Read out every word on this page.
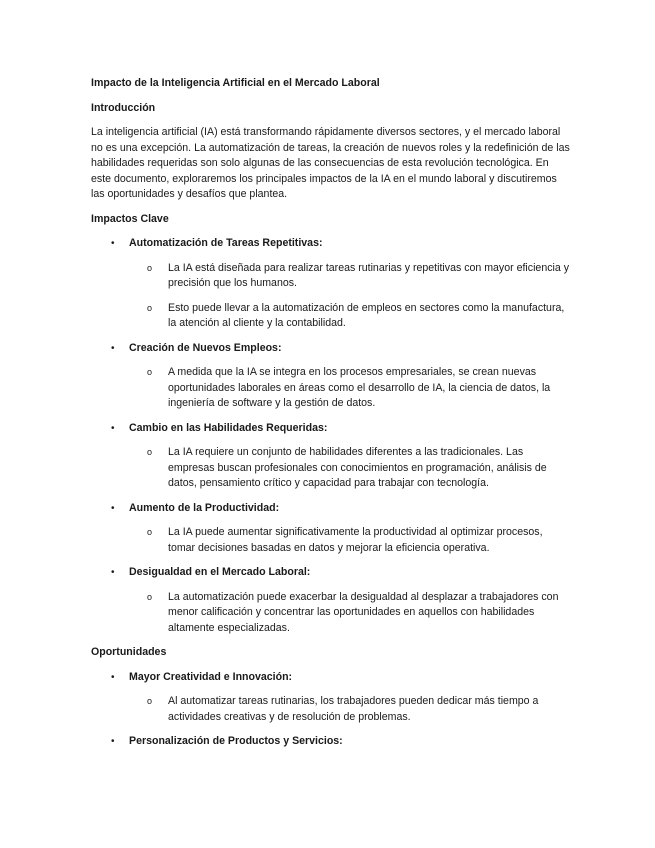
Impacto de la Inteligencia Artificial en el Mercado Laboral
Introducción
La inteligencia artificial (IA) está transformando rápidamente diversos sectores, y el mercado laboral no es una excepción. La automatización de tareas, la creación de nuevos roles y la redefinición de las habilidades requeridas son solo algunas de las consecuencias de esta revolución tecnológica. En este documento, exploraremos los principales impactos de la IA en el mundo laboral y discutiremos las oportunidades y desafíos que plantea.
Impactos Clave
• Automatización de Tareas Repetitivas:
o La IA está diseñada para realizar tareas rutinarias y repetitivas con mayor eficiencia y precisión que los humanos.
o Esto puede llevar a la automatización de empleos en sectores como la manufactura, la atención al cliente y la contabilidad.
• Creación de Nuevos Empleos:
o A medida que la IA se integra en los procesos empresariales, se crean nuevas oportunidades laborales en áreas como el desarrollo de IA, la ciencia de datos, la ingeniería de software y la gestión de datos.
• Cambio en las Habilidades Requeridas:
o La IA requiere un conjunto de habilidades diferentes a las tradicionales. Las empresas buscan profesionales con conocimientos en programación, análisis de datos, pensamiento crítico y capacidad para trabajar con tecnología.
• Aumento de la Productividad:
o La IA puede aumentar significativamente la productividad al optimizar procesos, tomar decisiones basadas en datos y mejorar la eficiencia operativa.
• Desigualdad en el Mercado Laboral:
o La automatización puede exacerbar la desigualdad al desplazar a trabajadores con menor calificación y concentrar las oportunidades en aquellos con habilidades altamente especializadas.
Oportunidades
• Mayor Creatividad e Innovación:
o Al automatizar tareas rutinarias, los trabajadores pueden dedicar más tiempo a actividades creativas y de resolución de problemas.
• Personalización de Productos y Servicios:
